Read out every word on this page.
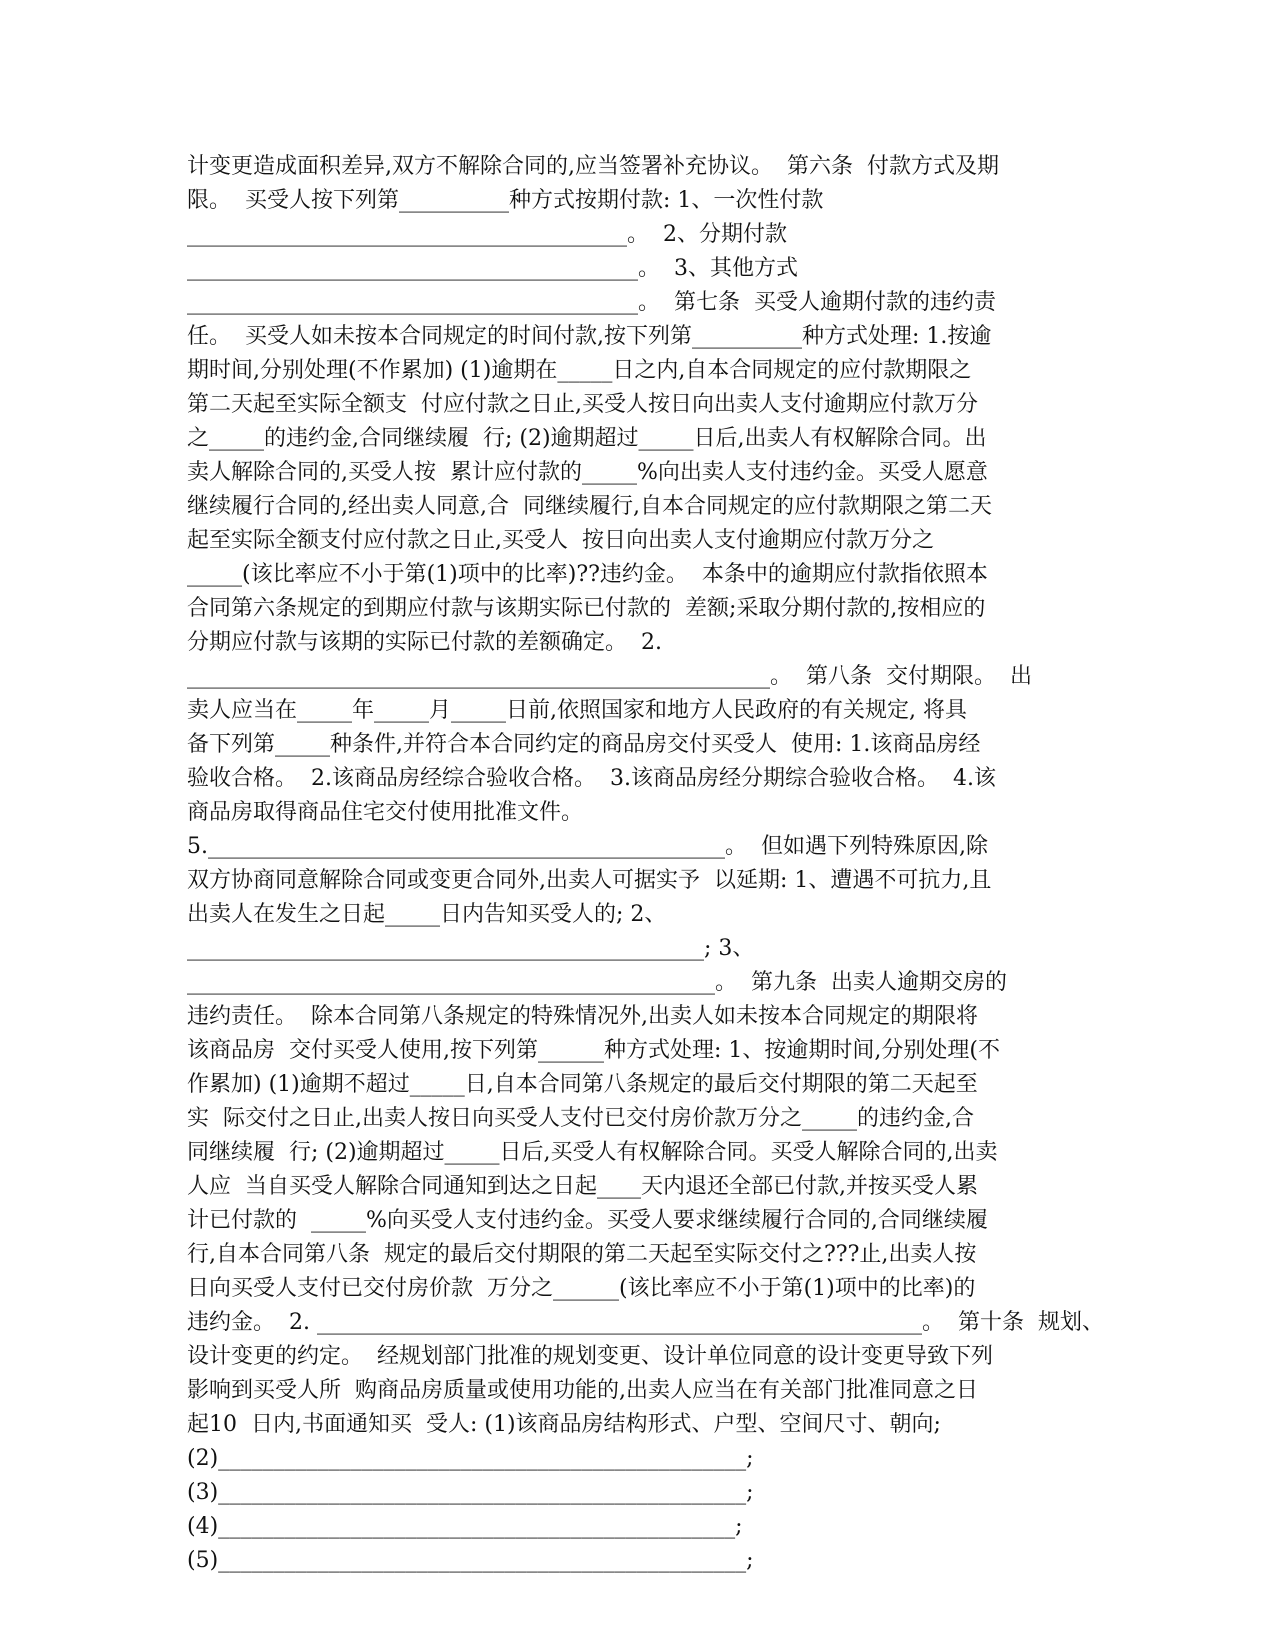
计变更造成面积差异,双方不解除合同的,应当签署补充协议。  第六条  付款方式及期
限。  买受人按下列第__________种方式按期付款: 1、一次性付款
________________________________________。  2、分期付款
_________________________________________。  3、其他方式
_________________________________________。  第七条  买受人逾期付款的违约责
任。  买受人如未按本合同规定的时间付款,按下列第__________种方式处理: 1.按逾
期时间,分别处理(不作累加) (1)逾期在_____日之内,自本合同规定的应付款期限之
第二天起至实际全额支  付应付款之日止,买受人按日向出卖人支付逾期应付款万分
之_____的违约金,合同继续履  行; (2)逾期超过_____日后,出卖人有权解除合同。出
卖人解除合同的,买受人按  累计应付款的_____%向出卖人支付违约金。买受人愿意
继续履行合同的,经出卖人同意,合  同继续履行,自本合同规定的应付款期限之第二天
起至实际全额支付应付款之日止,买受人  按日向出卖人支付逾期应付款万分之
_____(该比率应不小于第(1)项中的比率)??违约金。  本条中的逾期应付款指依照本
合同第六条规定的到期应付款与该期实际已付款的  差额;采取分期付款的,按相应的
分期应付款与该期的实际已付款的差额确定。  2.
_____________________________________________________。  第八条  交付期限。  出
卖人应当在_____年_____月_____日前,依照国家和地方人民政府的有关规定, 将具
备下列第_____种条件,并符合本合同约定的商品房交付买受人  使用: 1.该商品房经
验收合格。  2.该商品房经综合验收合格。  3.该商品房经分期综合验收合格。  4.该
商品房取得商品住宅交付使用批准文件。
5._______________________________________________。  但如遇下列特殊原因,除
双方协商同意解除合同或变更合同外,出卖人可据实予  以延期: 1、遭遇不可抗力,且
出卖人在发生之日起_____日内告知买受人的; 2、
_______________________________________________; 3、
________________________________________________。  第九条  出卖人逾期交房的
违约责任。  除本合同第八条规定的特殊情况外,出卖人如未按本合同规定的期限将
该商品房  交付买受人使用,按下列第______种方式处理: 1、按逾期时间,分别处理(不
作累加) (1)逾期不超过_____日,自本合同第八条规定的最后交付期限的第二天起至
实  际交付之日止,出卖人按日向买受人支付已交付房价款万分之_____的违约金,合
同继续履  行; (2)逾期超过_____日后,买受人有权解除合同。买受人解除合同的,出卖
人应  当自买受人解除合同通知到达之日起____天内退还全部已付款,并按买受人累
计已付款的  _____%向买受人支付违约金。买受人要求继续履行合同的,合同继续履
行,自本合同第八条  规定的最后交付期限的第二天起至实际交付之???止,出卖人按
日向买受人支付已交付房价款  万分之______(该比率应不小于第(1)项中的比率)的
违约金。  2. _______________________________________________________。  第十条  规划、
设计变更的约定。  经规划部门批准的规划变更、设计单位同意的设计变更导致下列
影响到买受人所  购商品房质量或使用功能的,出卖人应当在有关部门批准同意之日
起10  日内,书面通知买  受人: (1)该商品房结构形式、户型、空间尺寸、朝向;
(2)________________________________________________;
(3)________________________________________________;
(4)_______________________________________________;
(5)________________________________________________;
